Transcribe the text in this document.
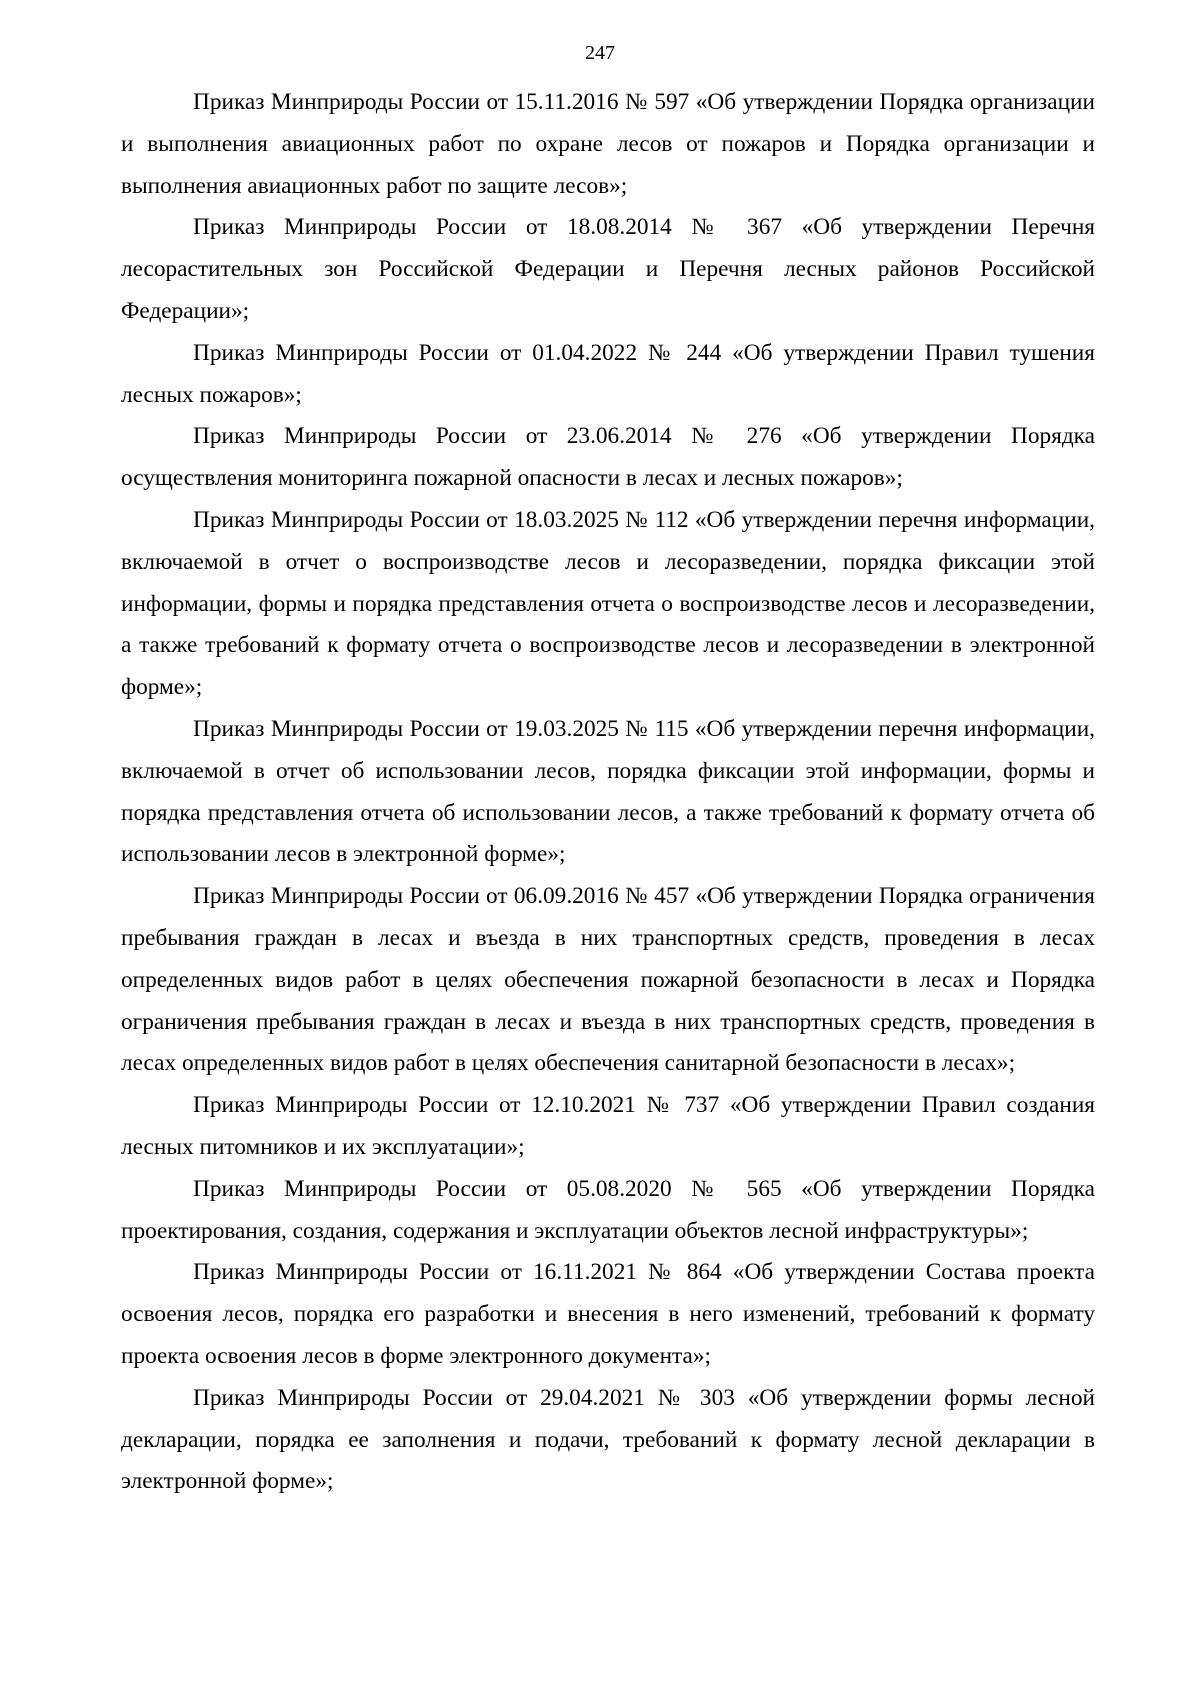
247

Приказ Минприроды России от 15.11.2016 № 597 «Об утверждении Порядка организации и выполнения авиационных работ по охране лесов от пожаров и Порядка организации и выполнения авиационных работ по защите лесов»;

Приказ Минприроды России от 18.08.2014 № 367 «Об утверждении Перечня лесорастительных зон Российской Федерации и Перечня лесных районов Российской Федерации»;

Приказ Минприроды России от 01.04.2022 № 244 «Об утверждении Правил тушения лесных пожаров»;

Приказ Минприроды России от 23.06.2014 № 276 «Об утверждении Порядка осуществления мониторинга пожарной опасности в лесах и лесных пожаров»;

Приказ Минприроды России от 18.03.2025 № 112 «Об утверждении перечня информации, включаемой в отчет о воспроизводстве лесов и лесоразведении, порядка фиксации этой информации, формы и порядка представления отчета о воспроизводстве лесов и лесоразведении, а также требований к формату отчета о воспроизводстве лесов и лесоразведении в электронной форме»;

Приказ Минприроды России от 19.03.2025 № 115 «Об утверждении перечня информации, включаемой в отчет об использовании лесов, порядка фиксации этой информации, формы и порядка представления отчета об использовании лесов, а также требований к формату отчета об использовании лесов в электронной форме»;

Приказ Минприроды России от 06.09.2016 № 457 «Об утверждении Порядка ограничения пребывания граждан в лесах и въезда в них транспортных средств, проведения в лесах определенных видов работ в целях обеспечения пожарной безопасности в лесах и Порядка ограничения пребывания граждан в лесах и въезда в них транспортных средств, проведения в лесах определенных видов работ в целях обеспечения санитарной безопасности в лесах»;

Приказ Минприроды России от 12.10.2021 № 737 «Об утверждении Правил создания лесных питомников и их эксплуатации»;

Приказ Минприроды России от 05.08.2020 № 565 «Об утверждении Порядка проектирования, создания, содержания и эксплуатации объектов лесной инфраструктуры»;

Приказ Минприроды России от 16.11.2021 № 864 «Об утверждении Состава проекта освоения лесов, порядка его разработки и внесения в него изменений, требований к формату проекта освоения лесов в форме электронного документа»;

Приказ Минприроды России от 29.04.2021 № 303 «Об утверждении формы лесной декларации, порядка ее заполнения и подачи, требований к формату лесной декларации в электронной форме»;
